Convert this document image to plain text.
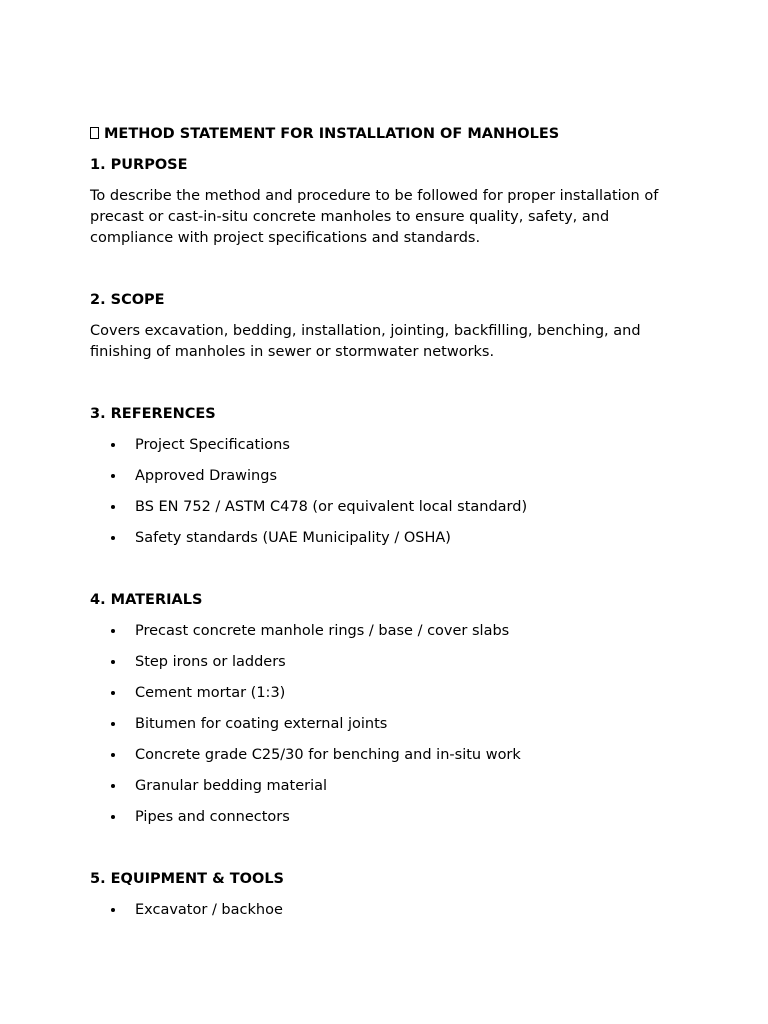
METHOD STATEMENT FOR INSTALLATION OF MANHOLES
1. PURPOSE

To describe the method and procedure to be followed for proper installation of precast or cast-in-situ concrete manholes to ensure quality, safety, and compliance with project specifications and standards.

2. SCOPE

Covers excavation, bedding, installation, jointing, backfilling, benching, and finishing of manholes in sewer or stormwater networks.

3. REFERENCES
Project Specifications
Approved Drawings
BS EN 752 / ASTM C478 (or equivalent local standard)
Safety standards (UAE Municipality / OSHA)
4. MATERIALS
Precast concrete manhole rings / base / cover slabs
Step irons or ladders
Cement mortar (1:3)
Bitumen for coating external joints
Concrete grade C25/30 for benching and in-situ work
Granular bedding material
Pipes and connectors
5. EQUIPMENT & TOOLS
Excavator / backhoe
